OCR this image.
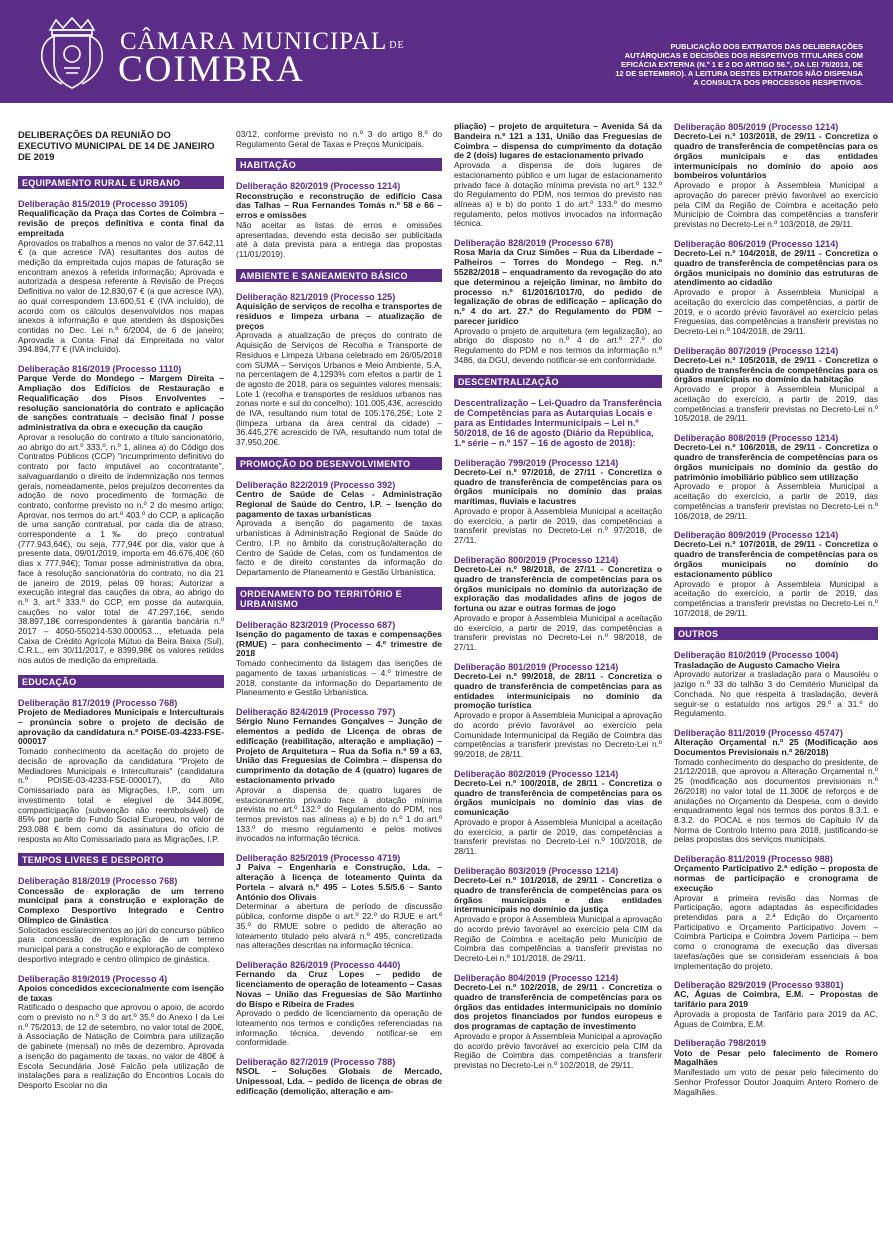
CÂMARA MUNICIPAL DE
COIMBRA
PUBLICAÇÃO DOS EXTRATOS DAS DELIBERAÇÕES AUTÁRQUICAS E DECISÕES DOS RESPETIVOS TITULARES COM EFICÁCIA EXTERNA (N.º 1 E 2 DO ARTIGO 56.º, DA LEI 75/2013, DE 12 DE SETEMBRO). A LEITURA DESTES EXTRATOS NÃO DISPENSA A CONSULTA DOS PROCESSOS RESPETIVOS.
DELIBERAÇÕES DA REUNIÃO DO EXECUTIVO MUNICIPAL DE 14 DE JANEIRO DE 2019
EQUIPAMENTO RURAL E URBANO
Deliberação 815/2019 (Processo 39105)
Requalificação da Praça das Cortes de Coimbra – revisão de preços definitiva e conta final da empreitada
Aprovados os trabalhos a menos no valor de 37.642,11 € (a que acresce IVA) resultantes dos autos de medição da empreitada cujos mapas de faturação se encontram anexos à referida informação; Aprovada e autorizada a despesa referente à Revisão de Preços Definitiva no valor de 12.830,67 € (a que acresce IVA), ao qual correspondem 13.600,51 € (IVA incluído), de acordo com os cálculos desenvolvidos nos mapas anexos à informação e que atendem às disposições contidas no Dec. Lei n.º 6/2004, de 6 de janeiro; Aprovada a Conta Final da Empreitada no valor 394.894,77 € (IVA incluído).
Deliberação 816/2019 (Processo 1110)
Parque Verde do Mondego – Margem Direita – Ampliação dos Edifícios de Restauração e Requalificação dos Pisos Envolventes – resolução sancionatória do contrato e aplicação de sanções contratuais – decisão final / posse administrativa da obra e execução da caução
Aprovar a resolução do contrato a título sancionatório, ao abrigo do art.º 333.º, n.º 1, alínea a) do Código dos Contratos Públicos (CCP) "incumprimento definitivo do contrato por facto imputável ao cocontratante", salvaguardando o direito de indemnização nos termos gerais, nomeadamente, pelos prejuízos decorrentes da adoção de novo procedimento de formação de contrato, conforme previsto no n.º 2 do mesmo artigo; Aprovar, nos termos do art.º 403.º do CCP, a aplicação de uma sanção contratual, por cada dia de atraso, correspondente a 1‰ do preço contratual (777.943,64€), ou seja, 777,94€ por dia, valor que à presente data, 09/01/2019, importa em 46.676,40€ (60 dias x 777,94€); Tomar posse administrativa da obra, face à resolução sancionatória do contrato, no dia 21 de janeiro de 2019, pelas 09 horas; Autorizar a execução integral das cauções da obra, ao abrigo do n.º 3, art.º 333.º do CCP, em posse da autarquia, cauções no valor total de 47.297,16€, sendo 38.897,18€ correspondentes à garantia bancária n.º 2017 – 4050-550214-530.000053..., efetuada pela Caixa de Crédito Agrícola Mútuo da Beira Baixa (Sul), C.R.L., em 30/11/2017, e 8399,98€ os valores retidos nos autos de medição da empreitada.
EDUCAÇÃO
Deliberação 817/2019 (Processo 768)
Projeto de Mediadores Municipais e Interculturais – pronúncia sobre o projeto de decisão de aprovação da candidatura n.º POISE-03-4233-FSE-000017
Tomado conhecimento da aceitação do projeto de decisão de aprovação da candidatura "Projeto de Mediadores Municipais e Interculturais" (candidatura n.º POISE-03-4233-FSE-000017), do Alto Comissariado para as Migrações, I.P., com um investimento total e elegível de 344.809€, comparticipação (subvenção não reembolsável) de 85% por parte do Fundo Social Europeu, no valor de 293.088 € bem como da assinatura do ofício de resposta ao Alto Comissariado para as Migrações, I.P.
TEMPOS LIVRES E DESPORTO
Deliberação 818/2019 (Processo 768)
Concessão de exploração de um terreno municipal para a construção e exploração de Complexo Desportivo Integrado e Centro Olímpico de Ginástica
Solicitados esclarecimentos ao júri do concurso público para concessão de exploração de um terreno municipal para a construção e exploração de complexo desportivo integrado e centro olímpico de ginástica.
Deliberação 819/2019 (Processo 4)
Apoios concedidos excecionalmente com isenção de taxas
Ratificado o despacho que aprovou o apoio, de acordo com o previsto no n.º 3 do art.º 35.º do Anexo I da Lei n.º 75/2013, de 12 de setembro, no valor total de 200€, à Associação de Natação de Coimbra para utilização de gabinete (mensal) no mês de dezembro. Aprovada a isenção do pagamento de taxas, no valor de 480€ à Escola Secundária José Falcão pela utilização de instalações para a realização do Encontros Locais do Desporto Escolar no dia
03/12, conforme previsto no n.º 3 do artigo 8.º do Regulamento Geral de Taxas e Preços Municipais.
HABITAÇÃO
Deliberação 820/2019 (Processo 1214)
Reconstrução e reconstrução de edifício Casa das Talhas – Rua Fernandes Tomás n.º 58 e 66 – erros e omissões
Não aceitar as listas de erros e omissões apresentadas, devendo esta decisão ser publicitada até à data prevista para a entrega das propostas (11/01/2019).
AMBIENTE E SANEAMENTO BÁSICO
Deliberação 821/2019 (Processo 125)
Aquisição de serviços de recolha e transportes de resíduos e limpeza urbana – atualização de preços
Aprovada a atualização de preços do contrato de Aquisição de Serviços de Recolha e Transporte de Resíduos e Limpeza Urbana celebrado em 26/05/2018 com SUMA – Serviços Urbanos e Meio Ambiente, S.A, na percentagem de 4,1293% com efeitos a partir de 1 de agosto de 2018, para os seguintes valores mensais: Lote 1 (recolha e transportes de resíduos urbanos nas zonas norte e sul do concelho): 101.005,43€, acrescido de IVA, resultando num total de 105.176,25€; Lote 2 (limpeza urbana da área central da cidade) – 36.445,27€ acrescido de IVA, resultando num total de 37.950,20€.
PROMOÇÃO DO DESENVOLVIMENTO
Deliberação 822/2019 (Processo 392)
Centro de Saúde de Celas - Administração Regional de Saúde do Centro, I.P. – Isenção do pagamento de taxas urbanísticas
Aprovada a isenção do pagamento de taxas urbanísticas à Administração Regional de Saúde do Centro, I.P. no âmbito da construção/alteração do Centro de Saúde de Celas, com os fundamentos de facto e de direito constantes da informação do Departamento de Planeamento e Gestão Urbanística.
ORDENAMENTO DO TERRITÓRIO E URBANISMO
Deliberação 823/2019 (Processo 687)
Isenção do pagamento de taxas e compensações (RMUE) – para conhecimento – 4.º trimestre de 2018
Tomado conhecimento da listagem das isenções de pagamento de taxas urbanísticas – 4.º trimestre de 2018, constante da informação do Departamento de Planeamento e Gestão Urbanística.
Deliberação 824/2019 (Processo 797)
Sérgio Nuno Fernandes Gonçalves – Junção de elementos a pedido de Licença de obras de edificação (reabilitação, alteração e ampliação) – Projeto de Arquitetura – Rua da Sofia n.º 59 a 63, União das Freguesias de Coimbra – dispensa do cumprimento da dotação de 4 (quatro) lugares de estacionamento privado
Aprovar a dispensa de quatro lugares de estacionamento privado face à dotação mínima prevista no art.º 132.º do Regulamento do PDM, nos termos previstos nas alíneas a) e b) do n.º 1 do art.º 133.º do mesmo regulamento e pelos motivos invocados na informação técnica.
Deliberação 825/2019 (Processo 4719)
J Paiva – Engenharia e Construção, Lda. – alteração à licença de loteamento Quinta da Portela – alvará n.º 495 – Lotes 5.5/5.6 – Santo António dos Olivais
Determinar a abertura de período de discussão pública, conforme dispõe o art.º 22.º do RJUE e art.º 35.º do RMUE sobre o pedido de alteração ao loteamento titulado pelo alvará n.º 495, concretizada nas alterações descritas na informação técnica.
Deliberação 826/2019 (Processo 4440)
Fernando da Cruz Lopes – pedido de licenciamento de operação de loteamento – Casas Novas – União das Freguesias de São Martinho do Bispo e Ribeira de Frades
Aprovado o pedido de licenciamento da operação de loteamento nos termos e condições referenciadas na informação técnica, devendo notificar-se em conformidade.
Deliberação 827/2019 (Processo 788)
NSOL – Soluções Globais de Mercado, Unipessoal, Lda. – pedido de licença de obras de edificação (demolição, alteração e am-
pliação) – projeto de arquitetura – Avenida Sá da Bandeira n.º 121 a 131, União das Freguesias de Coimbra – dispensa do cumprimento da dotação de 2 (dois) lugares de estacionamento privado
Aprovada a dispensa de dois lugares de estacionamento público e um lugar de estacionamento privado face à dotação mínima prevista no art.º 132.º do Regulamento do PDM, nos termos do previsto nas alíneas a) e b) do ponto 1 do art.º 133.º do mesmo regulamento, pelos motivos invocados na informação técnica.
Deliberação 828/2019 (Processo 678)
Rosa Maria da Cruz Simões – Rua da Liberdade – Palheiros – Torres do Mondego – Reg. n.º 55282/2018 – enquadramento da revogação do ato que determinou a rejeição liminar, no âmbito do processo n.º 61/2016/1017/0, do pedido de legalização de obras de edificação – aplicação do n.º 4 do art. 27.º do Regulamento do PDM – parecer jurídico
Aprovado o projeto de arquitetura (em legalização), ao abrigo do disposto no n.º 4 do art.º 27.º do Regulamento do PDM e nos termos da informação n.º 3486, da DGU, devendo notificar-se em conformidade.
DESCENTRALIZAÇÃO
Descentralização – Lei-Quadro da Transferência de Competências para as Autarquias Locais e para as Entidades Intermunicipais – Lei n.º 50/2018, de 16 de agosto (Diário da República, 1.ª série – n.º 157 – 16 de agosto de 2018):
Deliberação 799/2019 (Processo 1214)
Decreto-Lei n.º 97/2018, de 27/11 - Concretiza o quadro de transferência de competências para os órgãos municipais no domínio das praias marítimas, fluviais e lacustres
Aprovado e propor à Assembleia Municipal a aceitação do exercício, a partir de 2019, das competências a transferir previstas no Decreto-Lei n.º 97/2018, de 27/11.
Deliberação 800/2019 (Processo 1214)
Decreto-Lei n.º 98/2018, de 27/11 - Concretiza o quadro de transferência de competências para os órgãos municipais no domínio da autorização de exploração das modalidades afins de jogos de fortuna ou azar e outras formas de jogo
Aprovado e propor à Assembleia Municipal a aceitação do exercício, a partir de 2019, das competências a transferir previstas no Decreto-Lei n.º 98/2018, de 27/11.
Deliberação 801/2019 (Processo 1214)
Decreto-Lei n.º 99/2018, de 28/11 - Concretiza o quadro de transferência de competências para as entidades intermunicipais no domínio da promoção turística
Aprovado e propor à Assembleia Municipal a aprovação do acordo prévio favorável ao exercício pela Comunidade Intermunicipal da Região de Coimbra das competências a transferir previstas no Decreto-Lei n.º 99/2018, de 28/11.
Deliberação 802/2019 (Processo 1214)
Decreto-Lei n.º 100/2018, de 28/11 - Concretiza o quadro de transferência de competências para os órgãos municipais no domínio das vias de comunicação
Aprovado e propor à Assembleia Municipal a aceitação do exercício, a partir de 2019, das competências a transferir previstas no Decreto-Lei n.º 100/2018, de 28/11.
Deliberação 803/2019 (Processo 1214)
Decreto-Lei n.º 101/2018, de 29/11 - Concretiza o quadro de transferência de competências para os órgãos municipais e das entidades intermunicipais no domínio da justiça
Aprovado e propor à Assembleia Municipal a aprovação do acordo prévio favorável ao exercício pela CIM da Região de Coimbra e aceitação pelo Município de Coimbra das competências a transferir previstas no Decreto-Lei n.º 101/2018, de 29/11.
Deliberação 804/2019 (Processo 1214)
Decreto-Lei n.º 102/2018, de 29/11 - Concretiza o quadro de transferência de competências para os órgãos das entidades intermunicipais no domínio dos projetos financiados por fundos europeus e dos programas de captação de investimento
Aprovado e propor à Assembleia Municipal a aprovação do acordo prévio favorável ao exercício pela CIM da Região de Coimbra das competências a transferir previstas no Decreto-Lei n.º 102/2018, de 29/11.
Deliberação 805/2019 (Processo 1214)
Decreto-Lei n.º 103/2018, de 29/11 - Concretiza o quadro de transferência de competências para os órgãos municipais e das entidades intermunicipais no domínio do apoio aos bombeiros voluntários
Aprovado e propor à Assembleia Municipal a aprovação do parecer prévio favorável ao exercício pela CIM da Região de Coimbra e aceitação pelo Município de Coimbra das competências a transferir previstas no Decreto-Lei n.º 103/2018, de 29/11.
Deliberação 806/2019 (Processo 1214)
Decreto-Lei n.º 104/2018, de 29/11 - Concretiza o quadro de transferência de competências para os órgãos municipais no domínio das estruturas de atendimento ao cidadão
Aprovado e propor à Assembleia Municipal a aceitação do exercício das competências, a partir de 2019, e o acordo prévio favorável ao exercício pelas Freguesias, das competências a transferir previstas no Decreto-Lei n.º 104/2018, de 29/11.
Deliberação 807/2019 (Processo 1214)
Decreto-Lei n.º 105/2018, de 29/11 - Concretiza o quadro de transferência de competências para os órgãos municipais no domínio da habitação
Aprovado e propor à Assembleia Municipal a aceitação do exercício, a partir de 2019, das competências a transferir previstas no Decreto-Lei n.º 105/2018, de 29/11.
Deliberação 808/2019 (Processo 1214)
Decreto-Lei n.º 106/2018, de 29/11 - Concretiza o quadro de transferência de competências para os órgãos municipais no domínio da gestão do património imobiliário público sem utilização
Aprovado e propor à Assembleia Municipal a aceitação do exercício, a partir de 2019, das competências a transferir previstas no Decreto-Lei n.º 106/2018, de 29/11.
Deliberação 809/2019 (Processo 1214)
Decreto-Lei n.º 107/2018, de 29/11 - Concretiza o quadro de transferência de competências para os órgãos municipais no domínio do estacionamento público
Aprovado e propor à Assembleia Municipal a aceitação do exercício, a partir de 2019, das competências a transferir previstas no Decreto-Lei n.º 107/2018, de 29/11.
OUTROS
Deliberação 810/2019 (Processo 1004)
Trasladação de Augusto Camacho Vieira
Aprovado autorizar a trasladação para o Mausoléu o jazigo n.º 33 do talhão 3 do Cemitério Municipal da Conchada. No que respeita à trasladação, deverá seguir-se o estatuído nos artigos 29.º a 31.º do Regulamento.
Deliberação 811/2019 (Processo 45747)
Alteração Orçamental n.º 25 (Modificação aos Documentos Previsionais n.º 26/2018)
Tomado conhecimento do despacho do presidente, de 21/12/2018, que aprovou a Alteração Orçamental n.º 25 (modificação aos documentos previsionais n.º 26/2018) no valor total de 11.300€ de reforços e de anulações no Orçamento da Despesa, com o devido enquadramento legal nos termos dos pontos 8.3.1. e 8.3.2. do POCAL e nos termos do Capítulo IV da Norma de Controlo Interno para 2018, justificando-se pelas propostas dos serviços municipais.
Deliberação 811/2019 (Processo 988)
Orçamento Participativo 2.ª edição – proposta de normas de participação e cronograma de execução
Aprovar a primeira revisão das Normas de Participação, agora adaptadas às especificidades pretendidas para a 2.ª Edição do Orçamento Participativo e Orçamento Participativo Jovem – Coimbra Participa e Coimbra Jovem Participa – bem como o cronograma de execução das diversas tarefas/ações que se consideram essenciais à boa implementação do projeto.
Deliberação 829/2019 (Processo 93801)
AC, Águas de Coimbra, E.M. – Propostas de tarifário para 2019
Aprovada a proposta de Tarifário para 2019 da AC, Águas de Coimbra, E.M.
Deliberação 798/2019
Voto de Pesar pelo falecimento de Romero Magalhães
Manifestado um voto de pesar pelo falecimento do Senhor Professor Doutor Joaquim Antero Romero de Magalhães.
